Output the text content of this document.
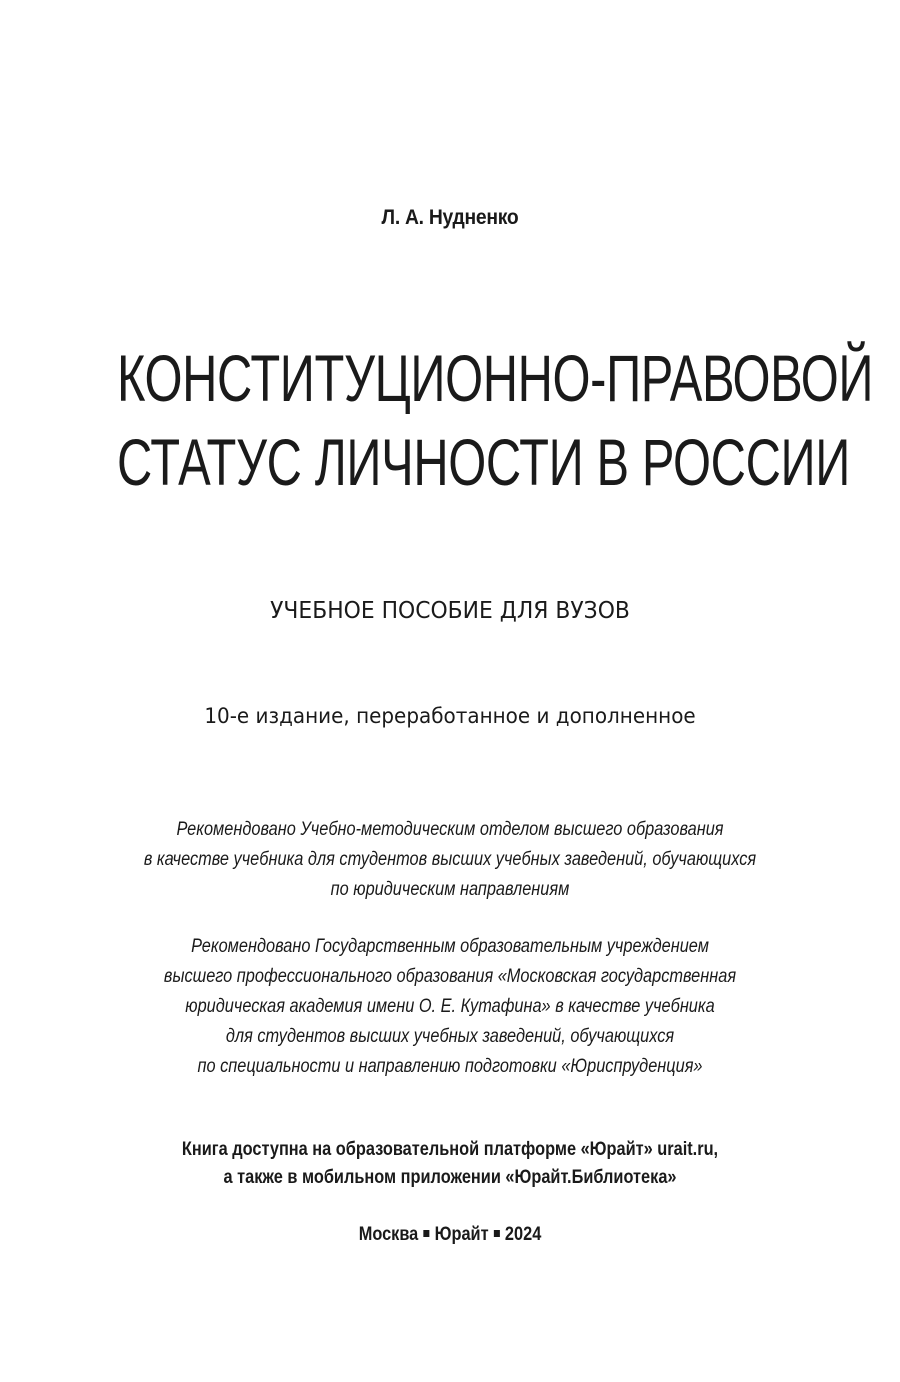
Л. А. Нудненко
КОНСТИТУЦИОННО-ПРАВОВОЙ
СТАТУС ЛИЧНОСТИ В РОССИИ
УЧЕБНОЕ ПОСОБИЕ ДЛЯ ВУЗОВ
10-е издание, переработанное и дополненное
Рекомендовано Учебно-методическим отделом высшего образования
в качестве учебника для студентов высших учебных заведений, обучающихся
по юридическим направлениям
Рекомендовано Государственным образовательным учреждением
высшего профессионального образования «Московская государственная
юридическая академия имени О. Е. Кутафина» в качестве учебника
для студентов высших учебных заведений, обучающихся
по специальности и направлению подготовки «Юриспруденция»
Книга доступна на образовательной платформе «Юрайт» urait.ru,
а также в мобильном приложении «Юрайт.Библиотека»
Москва Юрайт 2024
